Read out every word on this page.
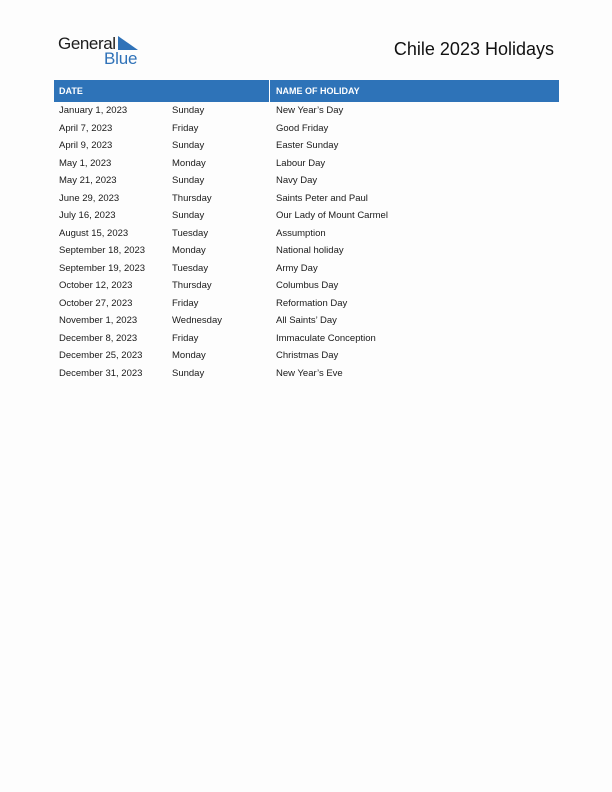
General
Blue	Chile 2023 Holidays
DATE	NAME OF HOLIDAY
January 1, 2023	Sunday	New Year’s Day
April 7, 2023	Friday	Good Friday
April 9, 2023	Sunday	Easter Sunday
May 1, 2023	Monday	Labour Day
May 21, 2023	Sunday	Navy Day
June 29, 2023	Thursday	Saints Peter and Paul
July 16, 2023	Sunday	Our Lady of Mount Carmel
August 15, 2023	Tuesday	Assumption
September 18, 2023	Monday	National holiday
September 19, 2023	Tuesday	Army Day
October 12, 2023	Thursday	Columbus Day
October 27, 2023	Friday	Reformation Day
November 1, 2023	Wednesday	All Saints’ Day
December 8, 2023	Friday	Immaculate Conception
December 25, 2023	Monday	Christmas Day
December 31, 2023	Sunday	New Year’s Eve
